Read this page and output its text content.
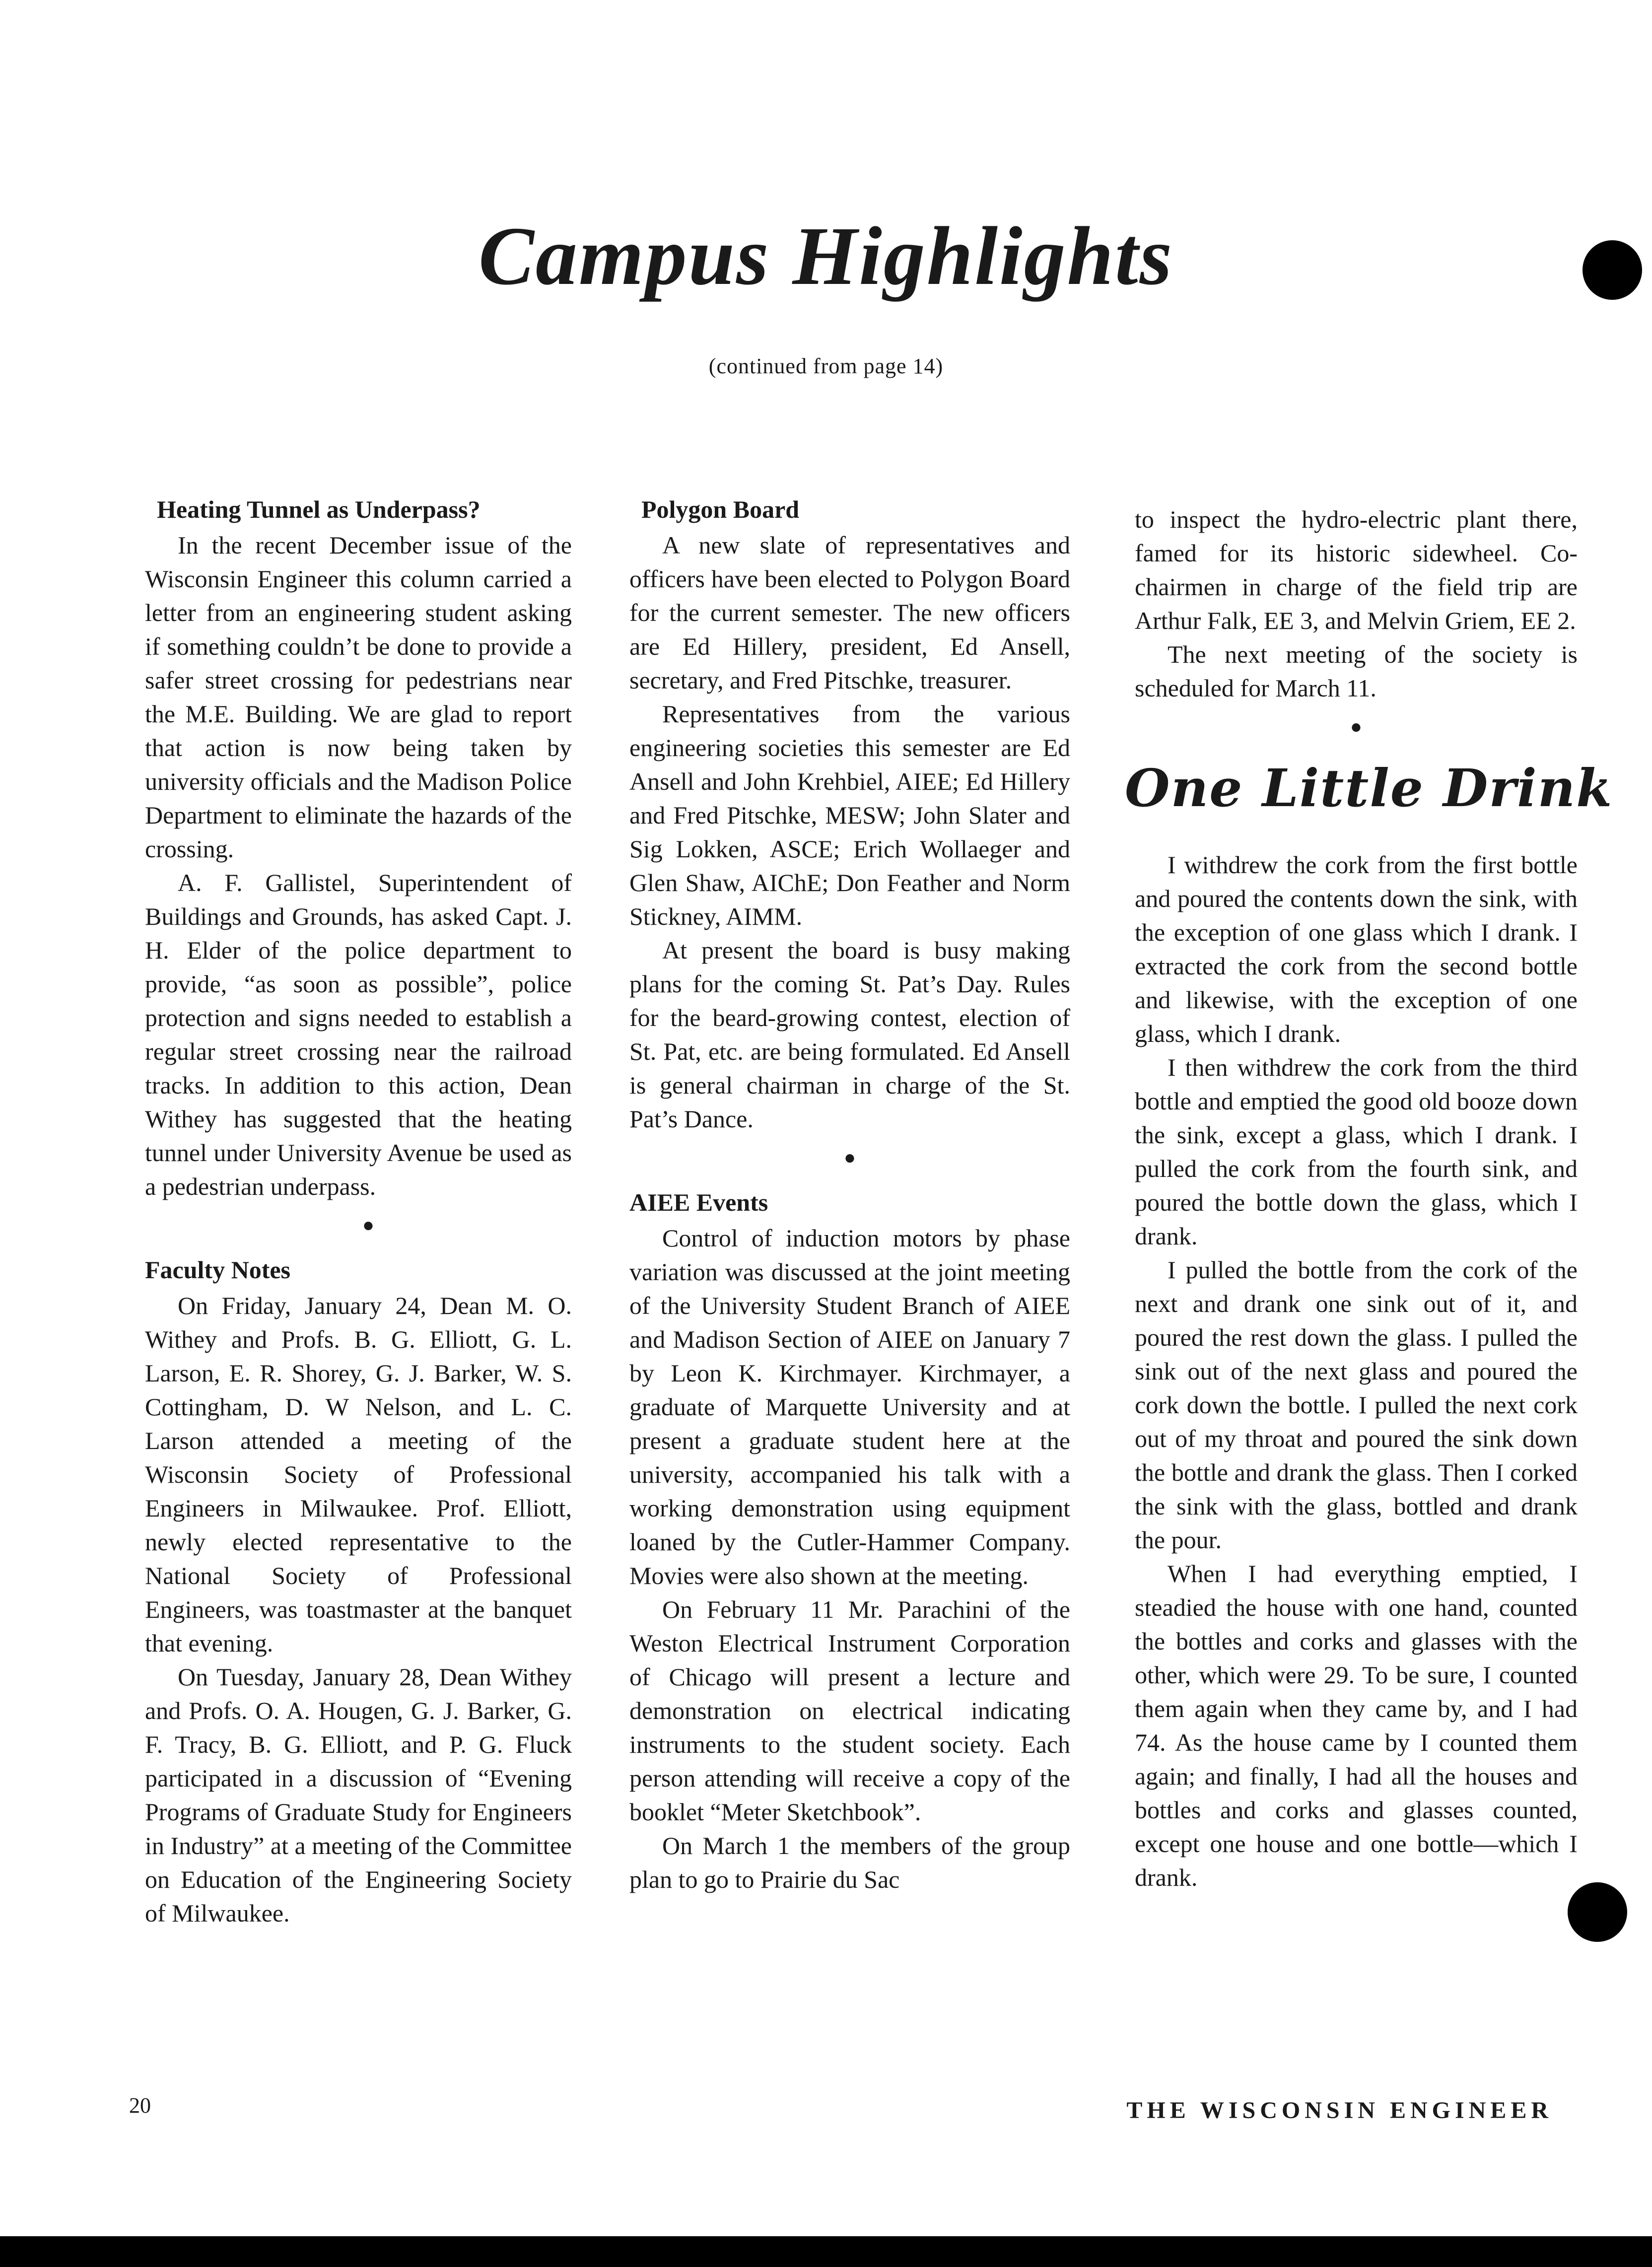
Campus Highlights
(continued from page 14)
Heating Tunnel as Underpass?

In the recent December issue of the Wisconsin Engineer this column carried a letter from an engineering student asking if something couldn’t be done to provide a safer street crossing for pedestrians near the M.E. Building. We are glad to report that action is now being taken by university officials and the Madison Police Department to eliminate the hazards of the crossing.

A. F. Gallistel, Superintendent of Buildings and Grounds, has asked Capt. J. H. Elder of the police department to provide, “as soon as possible”, police protection and signs needed to establish a regular street crossing near the railroad tracks. In addition to this action, Dean Withey has suggested that the heating tunnel under University Avenue be used as a pedestrian underpass.

●
Faculty Notes

On Friday, January 24, Dean M. O. Withey and Profs. B. G. Elliott, G. L. Larson, E. R. Shorey, G. J. Barker, W. S. Cottingham, D. W Nelson, and L. C. Larson attended a meeting of the Wisconsin Society of Professional Engineers in Milwaukee. Prof. Elliott, newly elected representative to the National Society of Professional Engineers, was toastmaster at the banquet that evening.

On Tuesday, January 28, Dean Withey and Profs. O. A. Hougen, G. J. Barker, G. F. Tracy, B. G. Elliott, and P. G. Fluck participated in a discussion of “Evening Programs of Graduate Study for Engineers in Industry” at a meeting of the Committee on Education of the Engineering Society of Milwaukee.

Polygon Board

A new slate of representatives and officers have been elected to Polygon Board for the current semester. The new officers are Ed Hillery, president, Ed Ansell, secretary, and Fred Pitschke, treasurer.

Representatives from the various engineering societies this semester are Ed Ansell and John Krehbiel, AIEE; Ed Hillery and Fred Pitschke, MESW; John Slater and Sig Lokken, ASCE; Erich Wollaeger and Glen Shaw, AIChE; Don Feather and Norm Stickney, AIMM.

At present the board is busy making plans for the coming St. Pat’s Day. Rules for the beard-growing contest, election of St. Pat, etc. are being formulated. Ed Ansell is general chairman in charge of the St. Pat’s Dance.

●
AIEE Events

Control of induction motors by phase variation was discussed at the joint meeting of the University Student Branch of AIEE and Madison Section of AIEE on January 7 by Leon K. Kirchmayer. Kirchmayer, a graduate of Marquette University and at present a graduate student here at the university, accompanied his talk with a working demonstration using equipment loaned by the Cutler-Hammer Company. Movies were also shown at the meeting.

On February 11 Mr. Parachini of the Weston Electrical Instrument Corporation of Chicago will present a lecture and demonstration on electrical indicating instruments to the student society. Each person attending will receive a copy of the booklet “Meter Sketchbook”.

On March 1 the members of the group plan to go to Prairie du Sac

to inspect the hydro-electric plant there, famed for its historic sidewheel. Co-chairmen in charge of the field trip are Arthur Falk, EE 3, and Melvin Griem, EE 2.

The next meeting of the society is scheduled for March 11.

●
One Little Drink

I withdrew the cork from the first bottle and poured the contents down the sink, with the exception of one glass which I drank. I extracted the cork from the second bottle and likewise, with the exception of one glass, which I drank.

I then withdrew the cork from the third bottle and emptied the good old booze down the sink, except a glass, which I drank. I pulled the cork from the fourth sink, and poured the bottle down the glass, which I drank.

I pulled the bottle from the cork of the next and drank one sink out of it, and poured the rest down the glass. I pulled the sink out of the next glass and poured the cork down the bottle. I pulled the next cork out of my throat and poured the sink down the bottle and drank the glass. Then I corked the sink with the glass, bottled and drank the pour.

When I had everything emptied, I steadied the house with one hand, counted the bottles and corks and glasses with the other, which were 29. To be sure, I counted them again when they came by, and I had 74. As the house came by I counted them again; and finally, I had all the houses and bottles and corks and glasses counted, except one house and one bottle—which I drank.

20	THE WISCONSIN ENGINEER
